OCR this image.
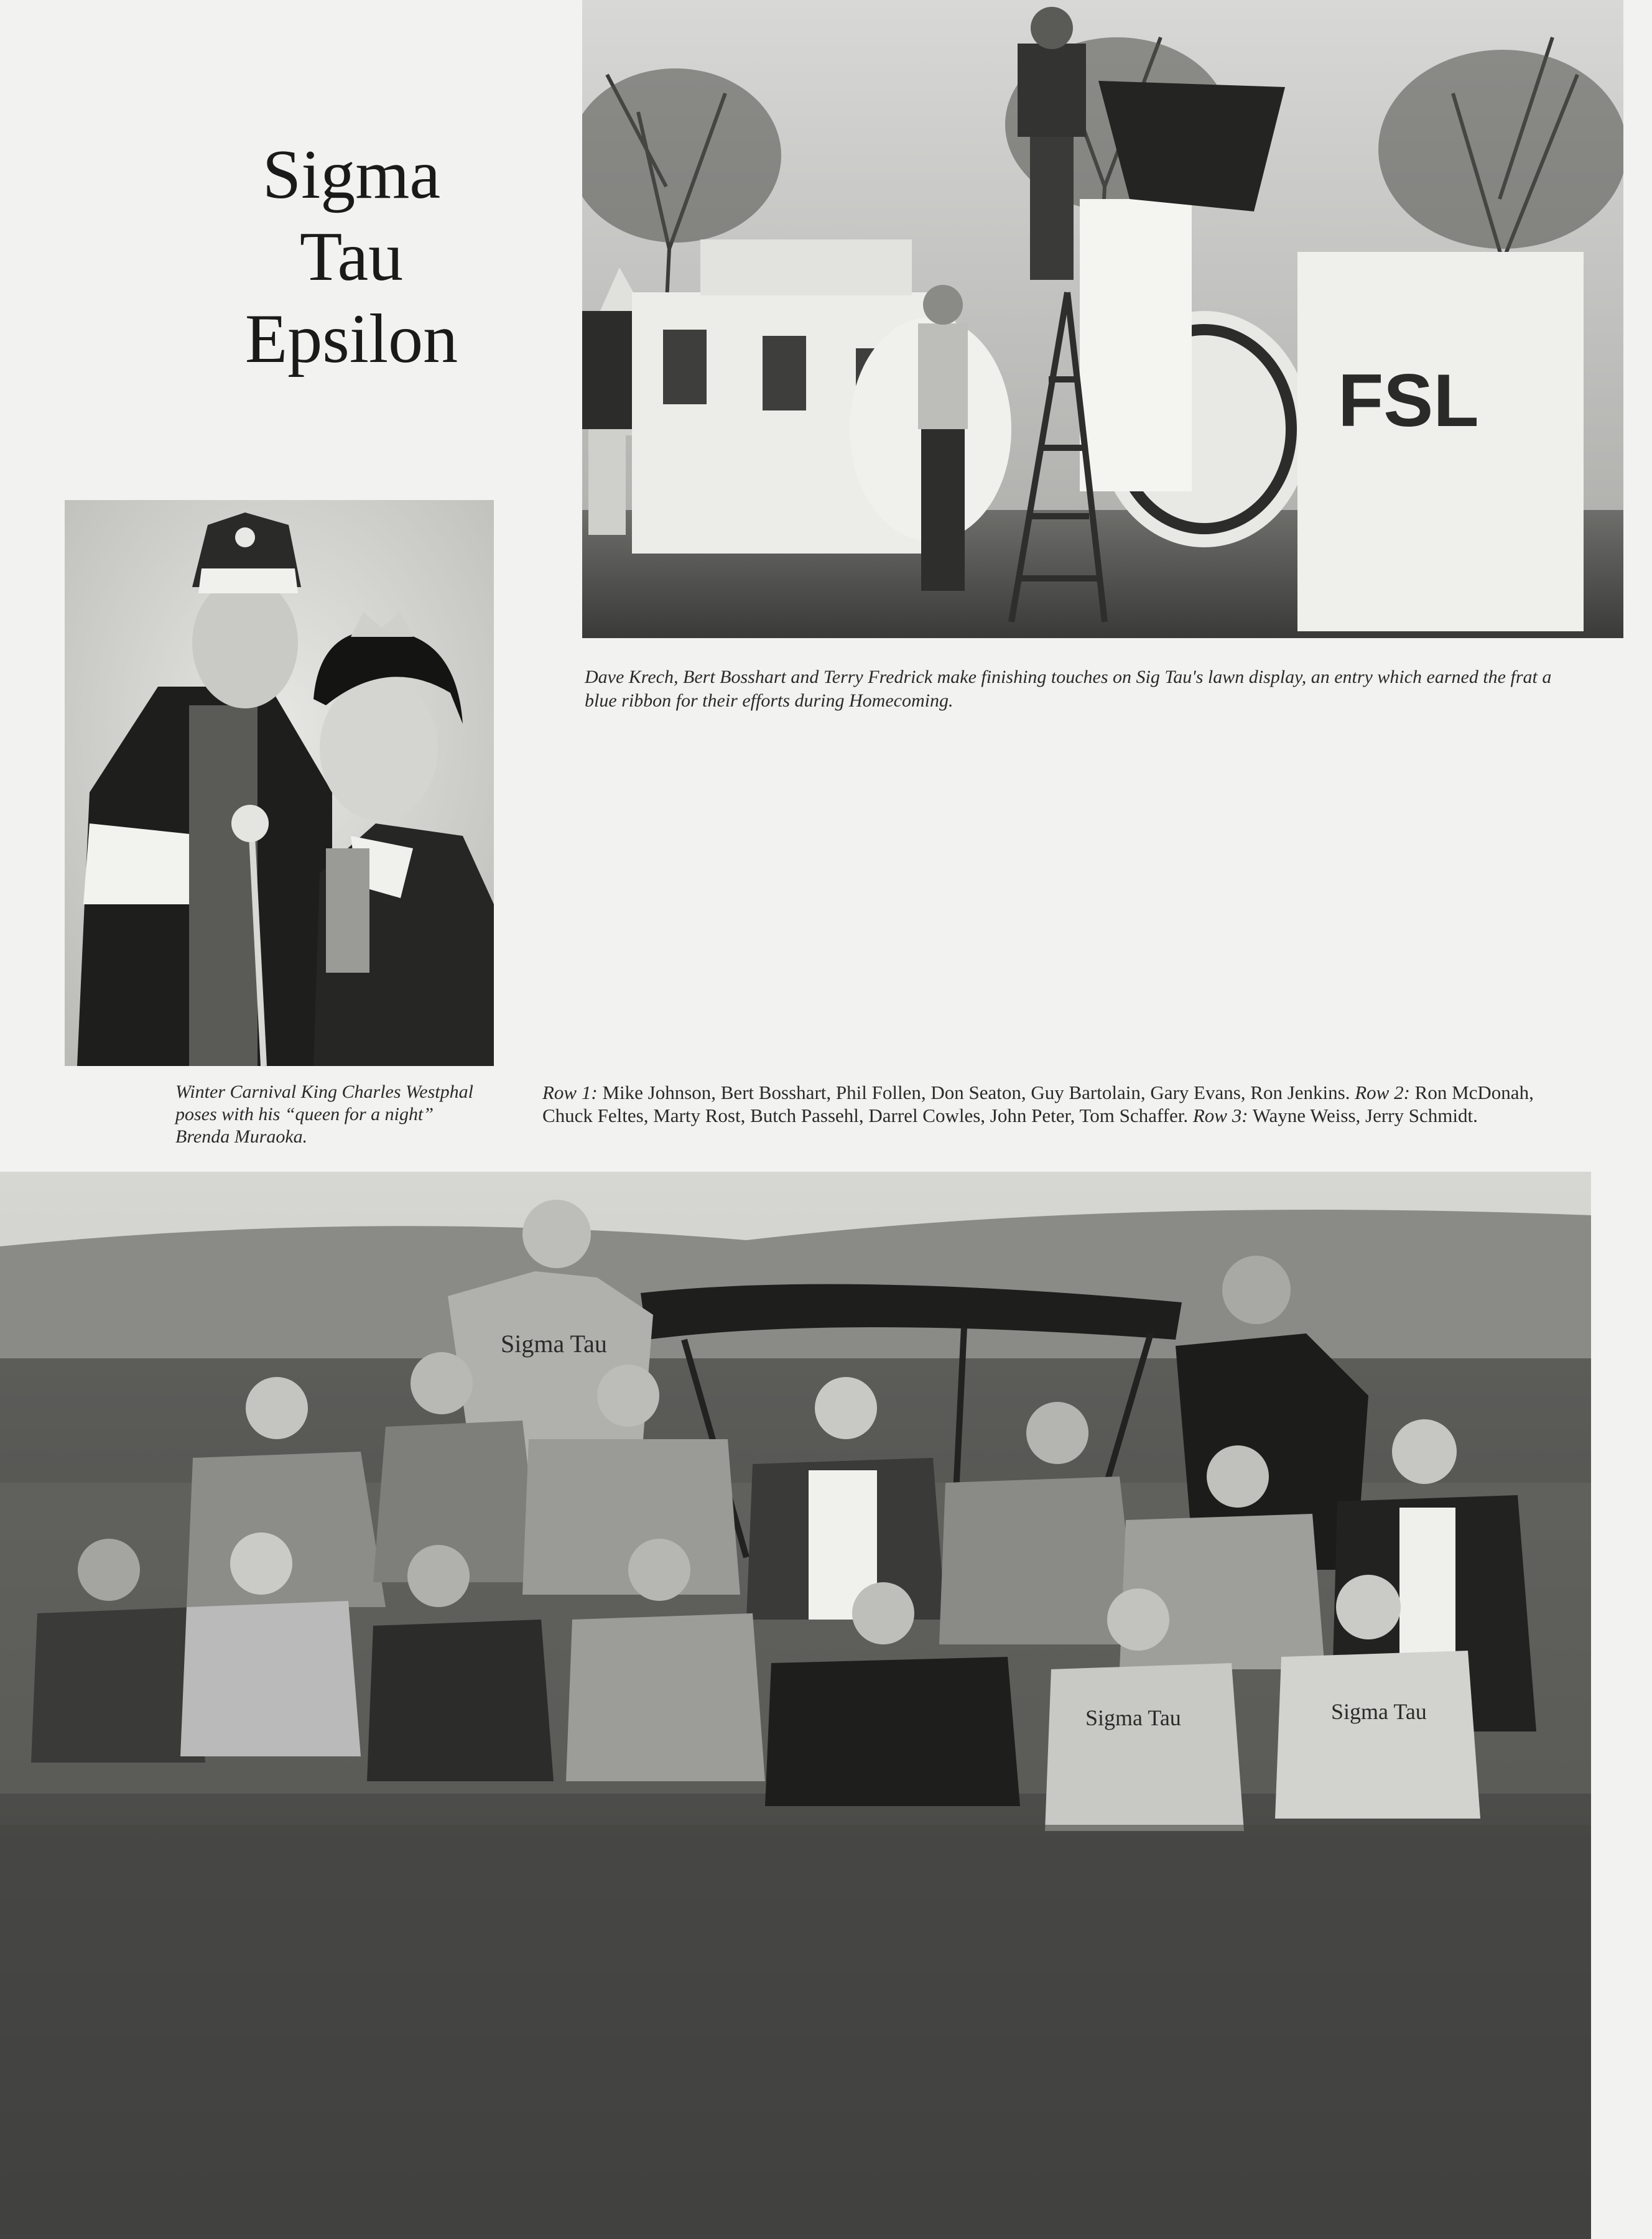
Sigma
Tau
Epsilon
FSL
Dave Krech, Bert Bosshart and Terry Fredrick make finishing touches on Sig Tau's lawn display, an entry which earned the frat a blue ribbon for their efforts during Homecoming.
Winter Carnival King Charles Westphal poses with his “queen for a night” Brenda Muraoka.
Row 1: Mike Johnson, Bert Bosshart, Phil Follen, Don Seaton, Guy Bartolain, Gary Evans, Ron Jenkins. Row 2: Ron McDonah, Chuck Feltes, Marty Rost, Butch Passehl, Darrel Cowles, John Peter, Tom Schaffer. Row 3: Wayne Weiss, Jerry Schmidt.
Sigma Tau
Sigma Tau	Sigma Tau
